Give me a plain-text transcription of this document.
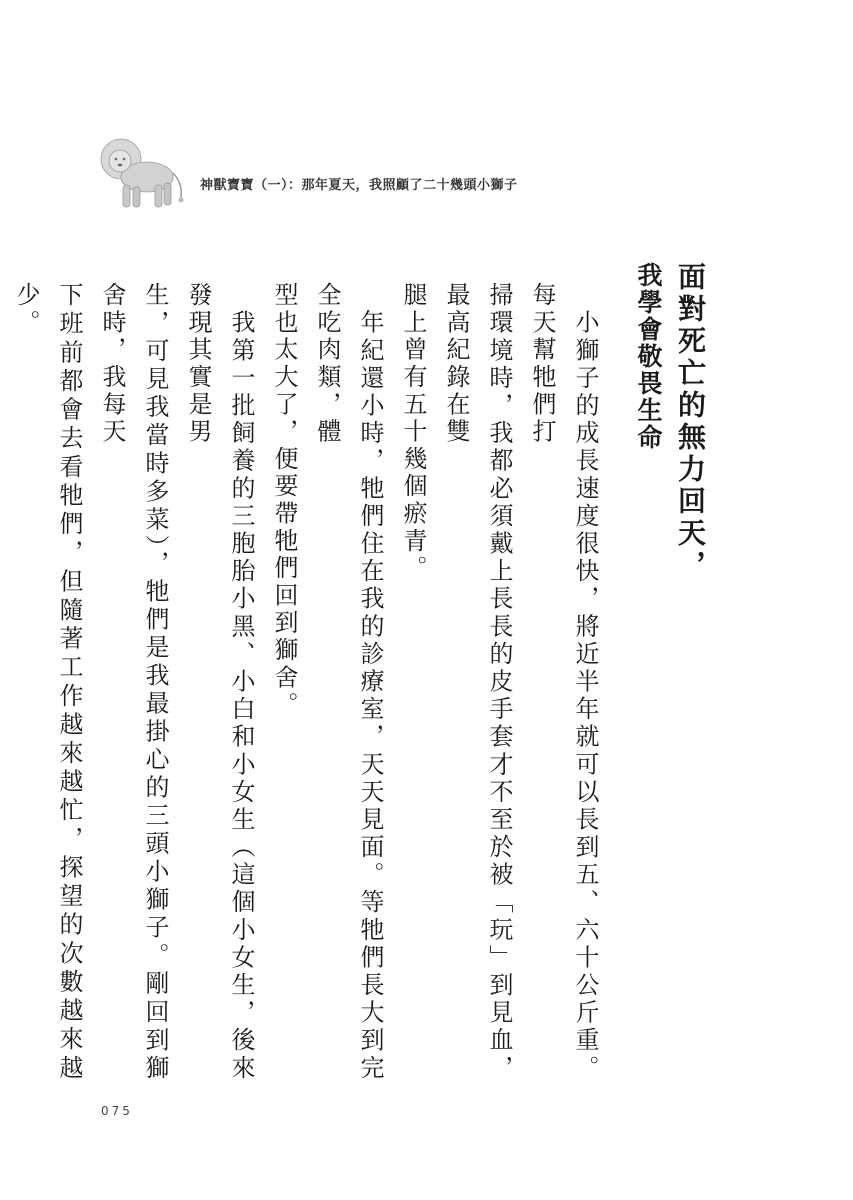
神獸寶寶（一）：那年夏天，我照顧了二十幾頭小獅子
面對死亡的無力回天，
我學會敬畏生命
　小獅子的成長速度很快，將近半年就可以長到五、六十公斤重。每天幫牠們打
掃環境時，我都必須戴上長長的皮手套才不至於被「玩」到見血，最高紀錄在雙
腿上曾有五十幾個瘀青。
　年紀還小時，牠們住在我的診療室，天天見面。等牠們長大到完全吃肉類，體
型也太大了，便要帶牠們回到獅舍。
　我第一批飼養的三胞胎小黑、小白和小女生（這個小女生，後來發現其實是男
生，可見我當時多菜），牠們是我最掛心的三頭小獅子。剛回到獅舍時，我每天
下班前都會去看牠們，但隨著工作越來越忙，探望的次數越來越少。
075
